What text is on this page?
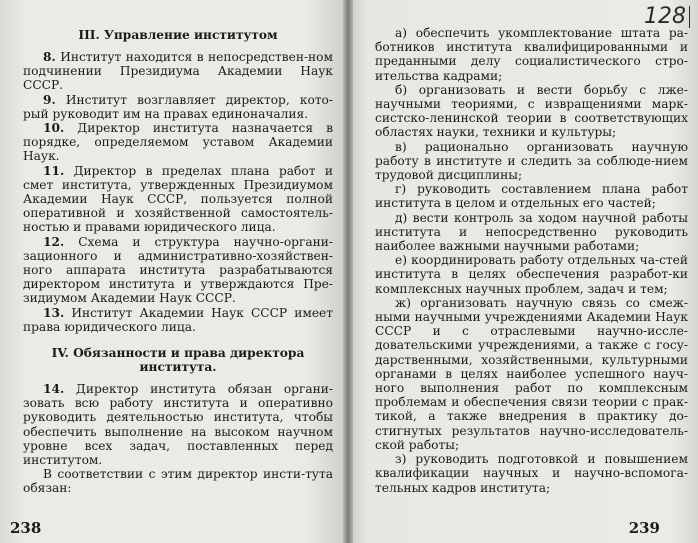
III. Управление институтом

8. Институт находится в непосредствен-ном подчинении Президиума Академии Наук СССР.

9. Институт возглавляет директор, кото-рый руководит им на правах единоначалия.

10. Директор института назначается в порядке, определяемом уставом Академии Наук.

11. Директор в пределах плана работ и смет института, утвержденных Президиумом Академии Наук СССР, пользуется полной оперативной и хозяйственной самостоятель-ностью и правами юридического лица.

12. Схема и структура научно-органи-зационного и административно-хозяйствен-ного аппарата института разрабатываются директором института и утверждаются Пре-зидиумом Академии Наук СССР.

13. Институт Академии Наук СССР имеет права юридического лица.

IV. Обязанности и права директора института.

14. Директор института обязан органи-зовать всю работу института и оперативно руководить деятельностью института, чтобы обеспечить выполнение на высоком научном уровне всех задач, поставленных перед институтом.

В соответствии с этим директор инсти-тута обязан:

238
128

а) обеспечить укомплектование штата ра-ботников института квалифицированными и преданными делу социалистического стро-ительства кадрами;

б) организовать и вести борьбу с лже-научными теориями, с извращениями марк-систско-ленинской теории в соответствующих областях науки, техники и культуры;

в) рационально организовать научную работу в институте и следить за соблюде-нием трудовой дисциплины;

г) руководить составлением плана работ института в целом и отдельных его частей;

д) вести контроль за ходом научной работы института и непосредственно руководить наиболее важными научными работами;

е) координировать работу отдельных ча-стей института в целях обеспечения разработ-ки комплексных научных проблем, задач и тем;

ж) организовать научную связь со смеж-ными научными учреждениями Академии Наук СССР и с отраслевыми научно-иссле-довательскими учреждениями, а также с госу-дарственными, хозяйственными, культурными органами в целях наиболее успешного науч-ного выполнения работ по комплексным проблемам и обеспечения связи теории с прак-тикой, а также внедрения в практику до-стигнутых результатов научно-исследователь-ской работы;

з) руководить подготовкой и повышением квалификации научных и научно-вспомога-тельных кадров института;

239
